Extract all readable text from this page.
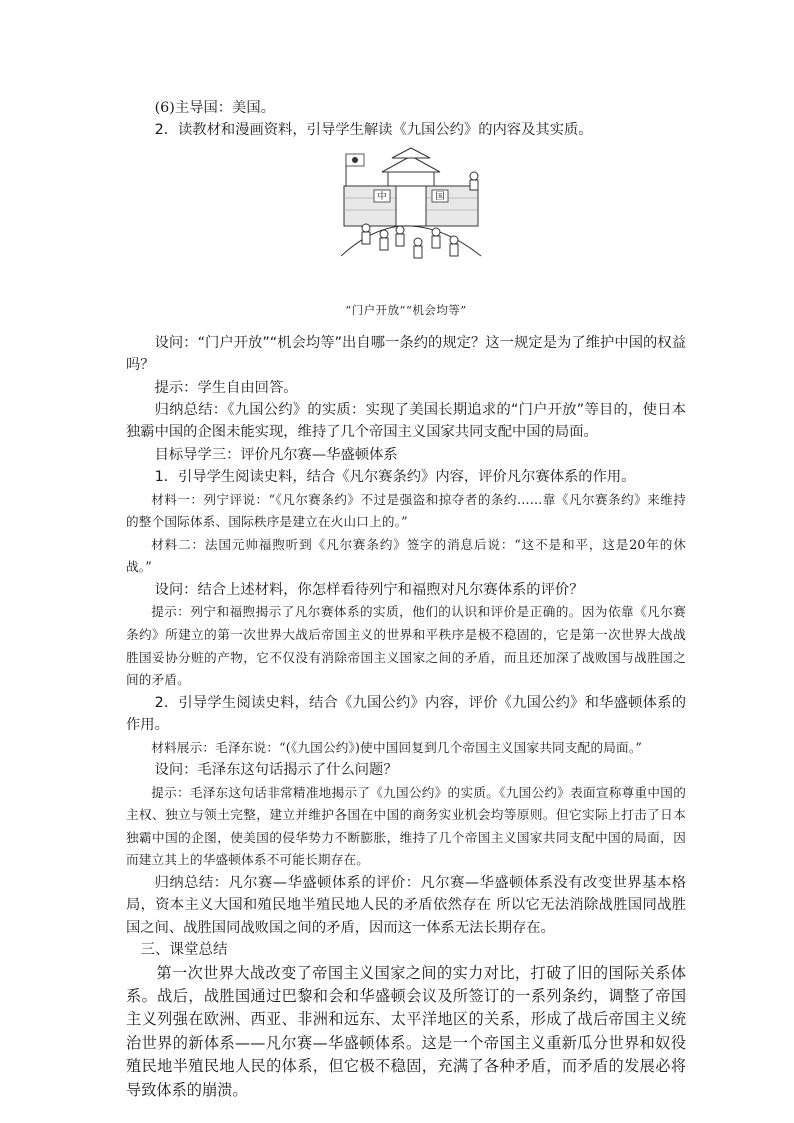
(6)主导国：美国。

2．读教材和漫画资料，引导学生解读《九国公约》的内容及其实质。

中	国
“门户开放”“机会均等”

设问：“门户开放”“机会均等”出自哪一条约的规定？这一规定是为了维护中国的权益吗？

提示：学生自由回答。

归纳总结：《九国公约》的实质：实现了美国长期追求的“门户开放”等目的，使日本独霸中国的企图未能实现，维持了几个帝国主义国家共同支配中国的局面。

目标导学三：评价凡尔赛—华盛顿体系

1．引导学生阅读史料，结合《凡尔赛条约》内容，评价凡尔赛体系的作用。

材料一：列宁评说：“《凡尔赛条约》不过是强盗和掠夺者的条约……靠《凡尔赛条约》来维持的整个国际体系、国际秩序是建立在火山口上的。”

材料二：法国元帅福煦听到《凡尔赛条约》签字的消息后说：“这不是和平，这是20年的休战。”

设问：结合上述材料，你怎样看待列宁和福煦对凡尔赛体系的评价？

提示：列宁和福煦揭示了凡尔赛体系的实质，他们的认识和评价是正确的。因为依靠《凡尔赛条约》所建立的第一次世界大战后帝国主义的世界和平秩序是极不稳固的，它是第一次世界大战战胜国妥协分赃的产物，它不仅没有消除帝国主义国家之间的矛盾，而且还加深了战败国与战胜国之间的矛盾。

2．引导学生阅读史料，结合《九国公约》内容，评价《九国公约》和华盛顿体系的作用。

材料展示：毛泽东说：“(《九国公约》)使中国回复到几个帝国主义国家共同支配的局面。”

设问：毛泽东这句话揭示了什么问题？

提示：毛泽东这句话非常精准地揭示了《九国公约》的实质。《九国公约》表面宣称尊重中国的主权、独立与领土完整，建立并维护各国在中国的商务实业机会均等原则。但它实际上打击了日本独霸中国的企图，使美国的侵华势力不断膨胀，维持了几个帝国主义国家共同支配中国的局面，因而建立其上的华盛顿体系不可能长期存在。

归纳总结：凡尔赛—华盛顿体系的评价：凡尔赛—华盛顿体系没有改变世界基本格局，资本主义大国和殖民地半殖民地人民的矛盾依然存在 所以它无法消除战胜国同战胜国之间、战胜国同战败国之间的矛盾，因而这一体系无法长期存在。

三、课堂总结

第一次世界大战改变了帝国主义国家之间的实力对比，打破了旧的国际关系体系。战后，战胜国通过巴黎和会和华盛顿会议及所签订的一系列条约，调整了帝国主义列强在欧洲、西亚、非洲和远东、太平洋地区的关系，形成了战后帝国主义统治世界的新体系——凡尔赛—华盛顿体系。这是一个帝国主义重新瓜分世界和奴役殖民地半殖民地人民的体系，但它极不稳固，充满了各种矛盾，而矛盾的发展必将导致体系的崩溃。
